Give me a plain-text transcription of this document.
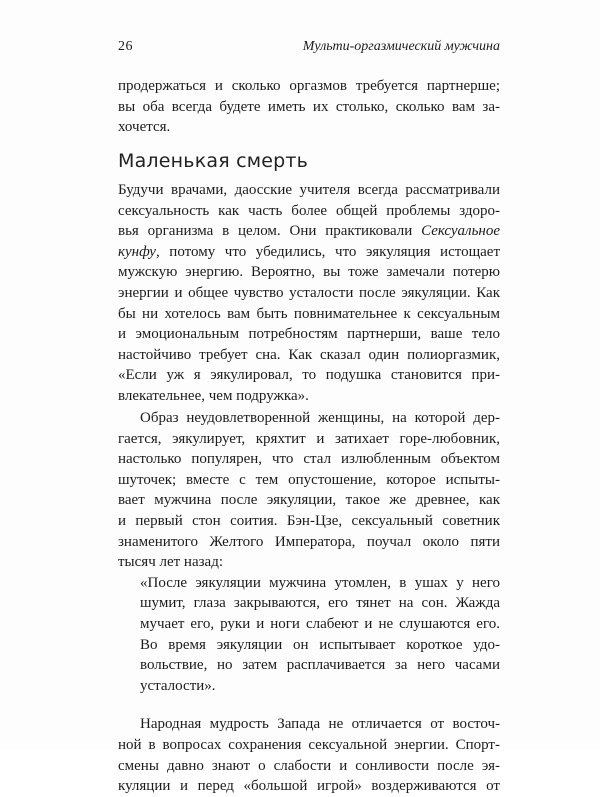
26	Мульти-оргазмический мужчина
продержаться и сколько оргазмов требуется партнерше;
вы оба всегда будете иметь их столько, сколько вам за-
хочется.
Маленькая смерть
Будучи врачами, даосские учителя всегда рассматривали
сексуальность как часть более общей проблемы здоро-
вья организма в целом. Они практиковали Сексуальное
кунфу, потому что убедились, что эякуляция истощает
мужскую энергию. Вероятно, вы тоже замечали потерю
энергии и общее чувство усталости после эякуляции. Как
бы ни хотелось вам быть повнимательнее к сексуальным
и эмоциональным потребностям партнерши, ваше тело
настойчиво требует сна. Как сказал один полиоргазмик,
«Если уж я эякулировал, то подушка становится при-
влекательнее, чем подружка».
Образ неудовлетворенной женщины, на которой дер-
гается, эякулирует, кряхтит и затихает горе-любовник,
настолько популярен, что стал излюбленным объектом
шуточек; вместе с тем опустошение, которое испыты-
вает мужчина после эякуляции, такое же древнее, как
и первый стон соития. Бэн-Цзе, сексуальный советник
знаменитого Желтого Императора, поучал около пяти
тысяч лет назад:
«После эякуляции мужчина утомлен, в ушах у него
шумит, глаза закрываются, его тянет на сон. Жажда
мучает его, руки и ноги слабеют и не слушаются его.
Во время эякуляции он испытывает короткое удо-
вольствие, но затем расплачивается за него часами
усталости».
Народная мудрость Запада не отличается от восточ-
ной в вопросах сохранения сексуальной энергии. Спорт-
смены давно знают о слабости и сонливости после эя-
куляции и перед «большой игрой» воздерживаются от
